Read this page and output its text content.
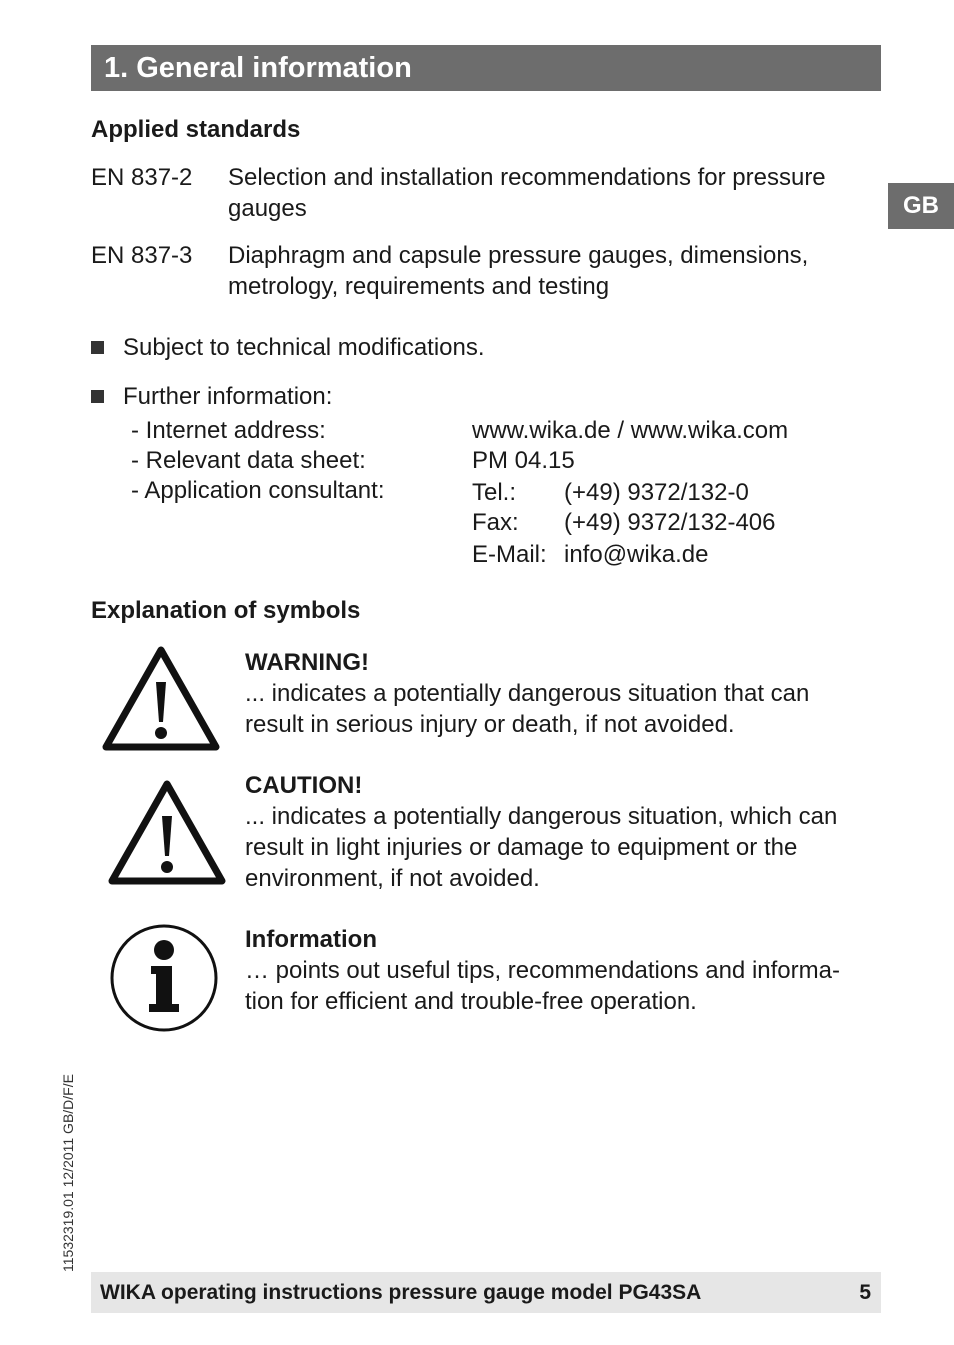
1. General information
GB
Applied standards
EN 837-2	Selection and installation recommendations for pressure
gauges
EN 837-3	Diaphragm and capsule pressure gauges, dimensions,
metrology, requirements and testing
Subject to technical modifications.
Further information:
- Internet address:	www.wika.de / www.wika.com
- Relevant data sheet:	PM 04.15
- Application consultant:	Tel.: (+49) 9372/132-0
Fax: (+49) 9372/132-406
E-Mail: info@wika.de
Explanation of symbols
WARNING!
... indicates a potentially dangerous situation that can
result in serious injury or death, if not avoided.
CAUTION!
... indicates a potentially dangerous situation, which can
result in light injuries or damage to equipment or the
environment, if not avoided.
Information
… points out useful tips, recommendations and informa-
tion for efficient and trouble-free operation.
11532319.01 12/2011 GB/D/F/E
WIKA operating instructions pressure gauge model PG43SA	5
